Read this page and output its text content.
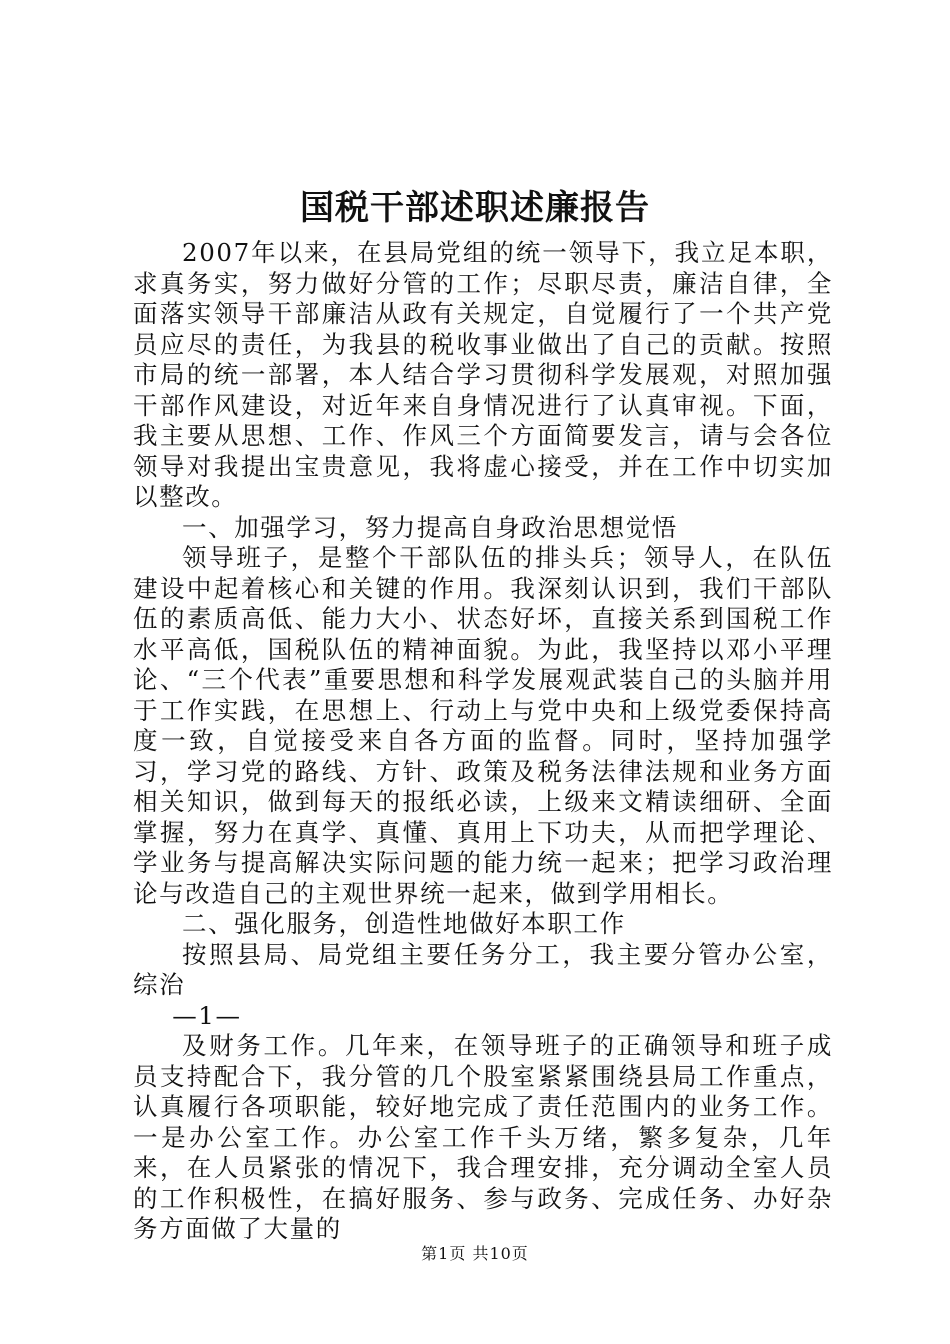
国税干部述职述廉报告

2007年以来，在县局党组的统一领导下，我立足本职，求真务实，努力做好分管的工作；尽职尽责，廉洁自律，全面落实领导干部廉洁从政有关规定，自觉履行了一个共产党员应尽的责任，为我县的税收事业做出了自己的贡献。按照市局的统一部署，本人结合学习贯彻科学发展观，对照加强干部作风建设，对近年来自身情况进行了认真审视。下面，我主要从思想、工作、作风三个方面简要发言，请与会各位领导对我提出宝贵意见，我将虚心接受，并在工作中切实加以整改。

一、加强学习，努力提高自身政治思想觉悟

领导班子，是整个干部队伍的排头兵；领导人，在队伍建设中起着核心和关键的作用。我深刻认识到，我们干部队伍的素质高低、能力大小、状态好坏，直接关系到国税工作水平高低，国税队伍的精神面貌。为此，我坚持以邓小平理论、“三个代表”重要思想和科学发展观武装自己的头脑并用于工作实践，在思想上、行动上与党中央和上级党委保持高度一致，自觉接受来自各方面的监督。同时，坚持加强学习，学习党的路线、方针、政策及税务法律法规和业务方面相关知识，做到每天的报纸必读，上级来文精读细研、全面掌握，努力在真学、真懂、真用上下功夫，从而把学理论、学业务与提高解决实际问题的能力统一起来；把学习政治理论与改造自己的主观世界统一起来，做到学用相长。

二、强化服务，创造性地做好本职工作

按照县局、局党组主要任务分工，我主要分管办公室，综治

—1—

及财务工作。几年来，在领导班子的正确领导和班子成员支持配合下，我分管的几个股室紧紧围绕县局工作重点，认真履行各项职能，较好地完成了责任范围内的业务工作。一是办公室工作。办公室工作千头万绪，繁多复杂，几年来，在人员紧张的情况下，我合理安排，充分调动全室人员的工作积极性，在搞好服务、参与政务、完成任务、办好杂务方面做了大量的

第1页 共10页
